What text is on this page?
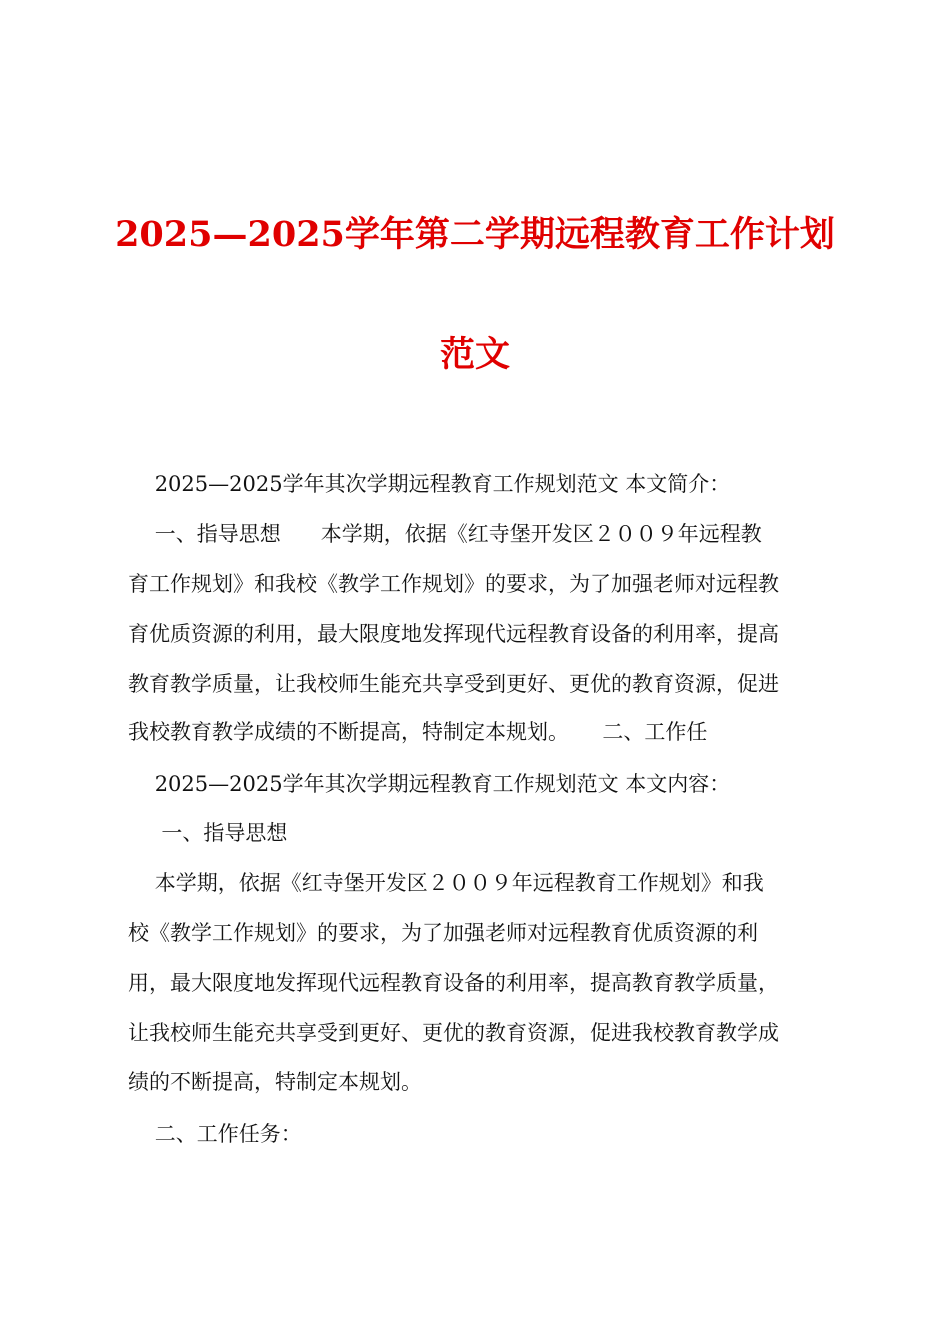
2025—2025学年第二学期远程教育工作计划
范文

2025—2025学年其次学期远程教育工作规划范文 本文简介：

一、指导思想      本学期，依据《红寺堡开发区２００９年远程教

育工作规划》和我校《教学工作规划》的要求，为了加强老师对远程教

育优质资源的利用，最大限度地发挥现代远程教育设备的利用率，提高

教育教学质量，让我校师生能充共享受到更好、更优的教育资源，促进

我校教育教学成绩的不断提高，特制定本规划。     二、工作任

2025—2025学年其次学期远程教育工作规划范文 本文内容：

一、指导思想

本学期，依据《红寺堡开发区２００９年远程教育工作规划》和我

校《教学工作规划》的要求，为了加强老师对远程教育优质资源的利

用，最大限度地发挥现代远程教育设备的利用率，提高教育教学质量，

让我校师生能充共享受到更好、更优的教育资源，促进我校教育教学成

绩的不断提高，特制定本规划。

二、工作任务：
